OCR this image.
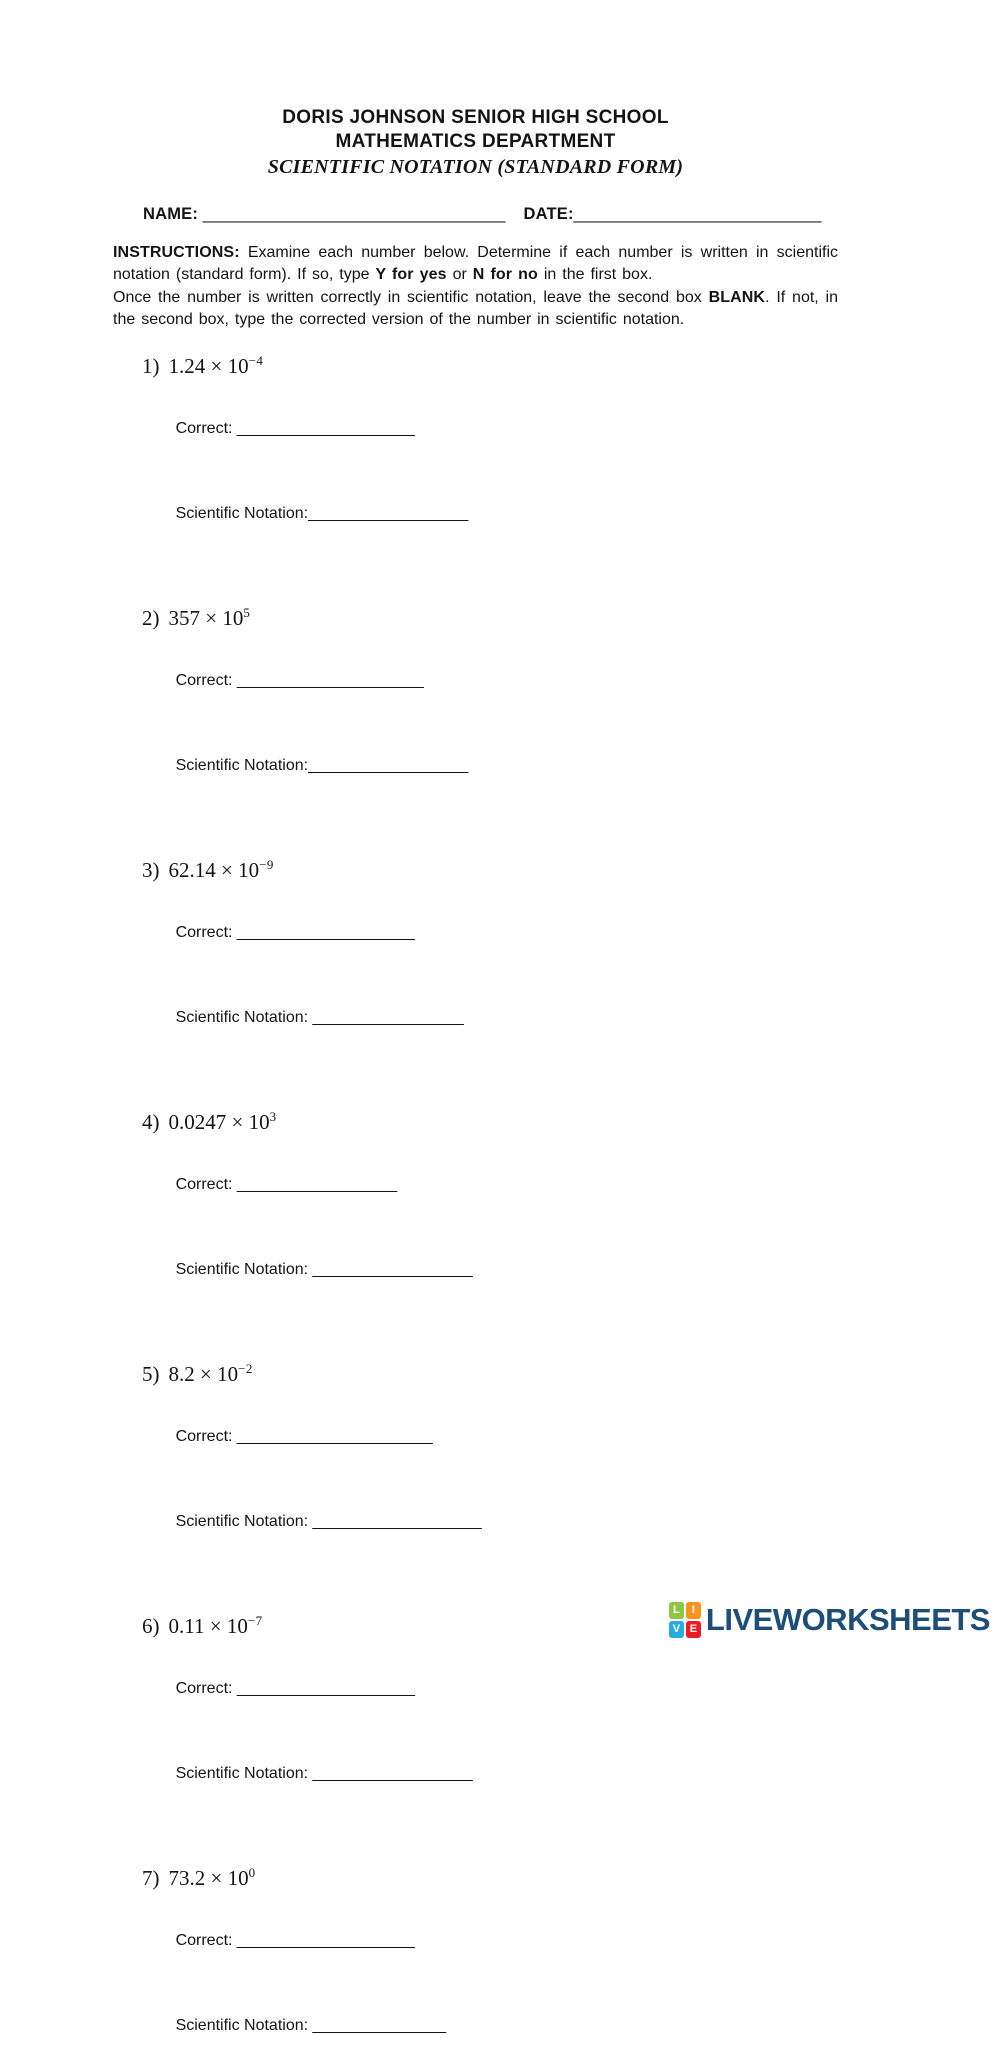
DORIS JOHNSON SENIOR HIGH SCHOOL
MATHEMATICS DEPARTMENT
SCIENTIFIC NOTATION (STANDARD FORM)
NAME: _________________________________ DATE:___________________________

INSTRUCTIONS: Examine each number below. Determine if each number is written in scientific notation (standard form). If so, type Y for yes or N for no in the first box.

Once the number is written correctly in scientific notation, leave the second box BLANK. If not, in the second box, type the corrected version of the number in scientific notation.

1) $1.24 \times 10^{-4}$

Correct: ____________________

Scientific Notation:__________________

2) $357 \times 10^5$

Correct: _____________________

Scientific Notation:__________________

3) $62.14 \times 10^{-9}$

Correct: ____________________

Scientific Notation: _________________

4) $0.0247 \times 10^3$

Correct: __________________

Scientific Notation: __________________

5) $8.2 \times 10^{-2}$

Correct: ______________________

Scientific Notation: ___________________

6) $0.11 \times 10^{-7}$

Correct: ____________________

Scientific Notation: __________________

7) $73.2 \times 10^0$

Correct: ____________________

Scientific Notation: _______________

L	I
V E LIVEWORKSHEETS
